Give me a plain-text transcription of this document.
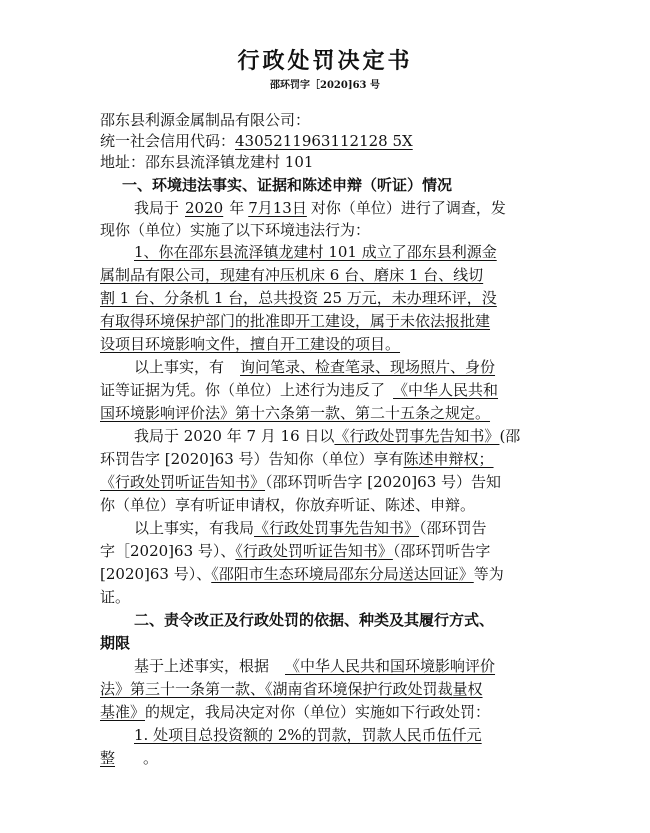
行政处罚决定书
邵环罚字［2020]63 号
邵东县利源金属制品有限公司：
统一社会信用代码：4305211963112128 5X
地址：邵东县流泽镇龙建村 101
一、环境违法事实、证据和陈述申辩（听证）情况
我局于 2020 年 7月13日 对你（单位）进行了调查，发
现你（单位）实施了以下环境违法行为：
1、你在邵东县流泽镇龙建村 101 成立了邵东县利源金
属制品有限公司，现建有冲压机床 6 台、磨床 1 台、线切
割 1 台、分条机 1 台，总共投资 25 万元，未办理环评，没
有取得环境保护部门的批准即开工建设，属于未依法报批建
设项目环境影响文件，擅自开工建设的项目。
以上事实，有 询问笔录、检查笔录、现场照片、身份
证等证据为凭。你（单位）上述行为违反了 《中华人民共和
国环境影响评价法》第十六条第一款、第二十五条之规定。
我局于 2020 年 7 月 16 日以《行政处罚事先告知书》(邵
环罚告字 [2020]63 号）告知你（单位）享有陈述申辩权；
《行政处罚听证告知书》（邵环罚听告字 [2020]63 号）告知
你（单位）享有听证申请权，你放弃听证、陈述、申辩。
以上事实，有我局《行政处罚事先告知书》（邵环罚告
字［2020]63 号）、《行政处罚听证告知书》（邵环罚听告字
[2020]63 号）、《邵阳市生态环境局邵东分局送达回证》等为
证。
二、责令改正及行政处罚的依据、种类及其履行方式、
期限
基于上述事实，根据 《中华人民共和国环境影响评价
法》第三十一条第一款、《湖南省环境保护行政处罚裁量权
基准》的规定，我局决定对你（单位）实施如下行政处罚：
1. 处项目总投资额的 2%的罚款，罚款人民币伍仟元
整 。
